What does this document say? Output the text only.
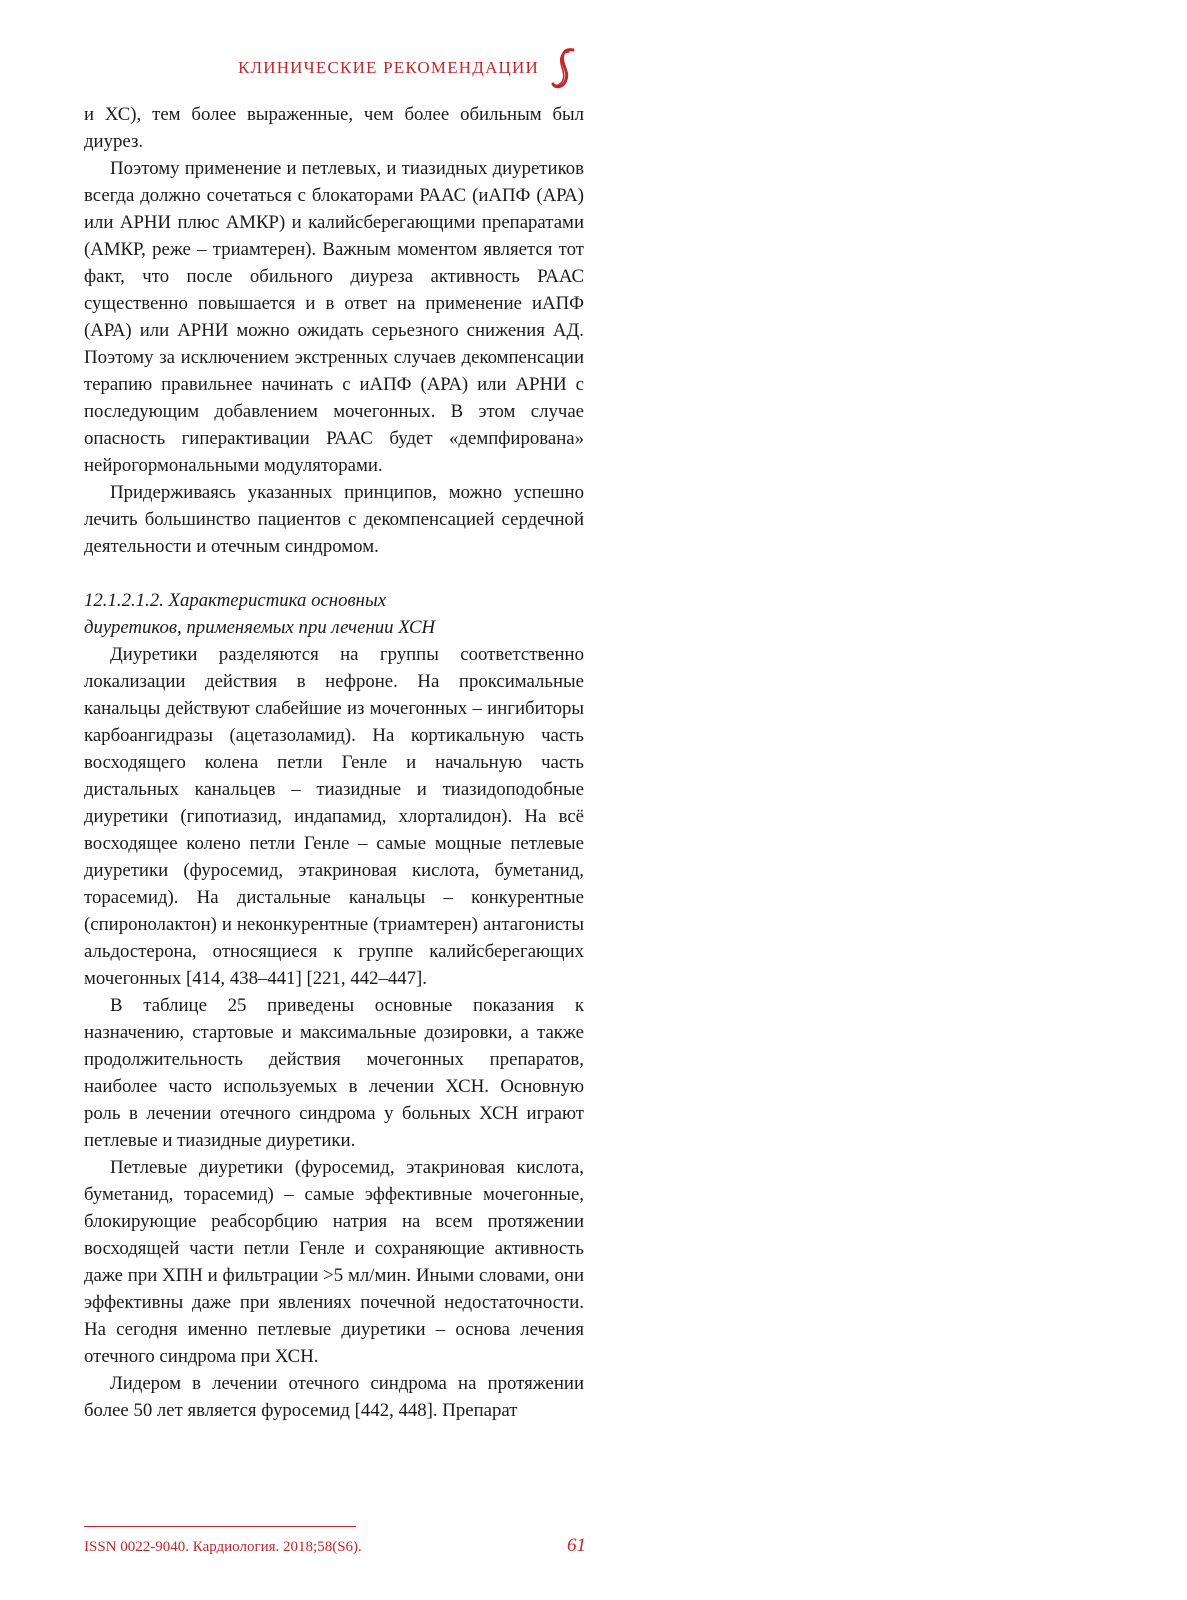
КЛИНИЧЕСКИЕ РЕКОМЕНДАЦИИ

и ХС), тем более выраженные, чем более обильным был диурез.

Поэтому применение и петлевых, и тиазидных диуретиков всегда должно сочетаться с блокаторами РААС (иАПФ (АРА) или АРНИ плюс АМКР) и калийсберегающими препаратами (АМКР, реже – триамтерен). Важным моментом является тот факт, что после обильного диуреза активность РААС существенно повышается и в ответ на применение иАПФ (АРА) или АРНИ можно ожидать серьезного снижения АД. Поэтому за исключением экстренных случаев декомпенсации терапию правильнее начинать с иАПФ (АРА) или АРНИ с последующим добавлением мочегонных. В этом случае опасность гиперактивации РААС будет «демпфирована» нейрогормональными модуляторами.

Придерживаясь указанных принципов, можно успешно лечить большинство пациентов с декомпенсацией сердечной деятельности и отечным синдромом.

12.1.2.1.2. Характеристика основных
диуретиков, применяемых при лечении ХСН

Диуретики разделяются на группы соответственно локализации действия в нефроне. На проксимальные канальцы действуют слабейшие из мочегонных – ингибиторы карбоангидразы (ацетазоламид). На кортикальную часть восходящего колена петли Генле и начальную часть дистальных канальцев – тиазидные и тиазидоподобные диуретики (гипотиазид, индапамид, хлорталидон). На всё восходящее колено петли Генле – самые мощные петлевые диуретики (фуросемид, этакриновая кислота, буметанид, торасемид). На дистальные канальцы – конкурентные (спиронолактон) и неконкурентные (триамтерен) антагонисты альдостерона, относящиеся к группе калийсберегающих мочегонных [414, 438–441] [221, 442–447].

В таблице 25 приведены основные показания к назначению, стартовые и максимальные дозировки, а также продолжительность действия мочегонных препаратов, наиболее часто используемых в лечении ХСН. Основную роль в лечении отечного синдрома у больных ХСН играют петлевые и тиазидные диуретики.

Петлевые диуретики (фуросемид, этакриновая кислота, буметанид, торасемид) – самые эффективные мочегонные, блокирующие реабсорбцию натрия на всем протяжении восходящей части петли Генле и сохраняющие активность даже при ХПН и фильтрации >5 мл/мин. Иными словами, они эффективны даже при явлениях почечной недостаточности. На сегодня именно петлевые диуретики – основа лечения отечного синдрома при ХСН.

Лидером в лечении отечного синдрома на протяжении более 50 лет является фуросемид [442, 448]. Препарат

ISSN 0022-9040. Кардиология. 2018;58(S6).	61
